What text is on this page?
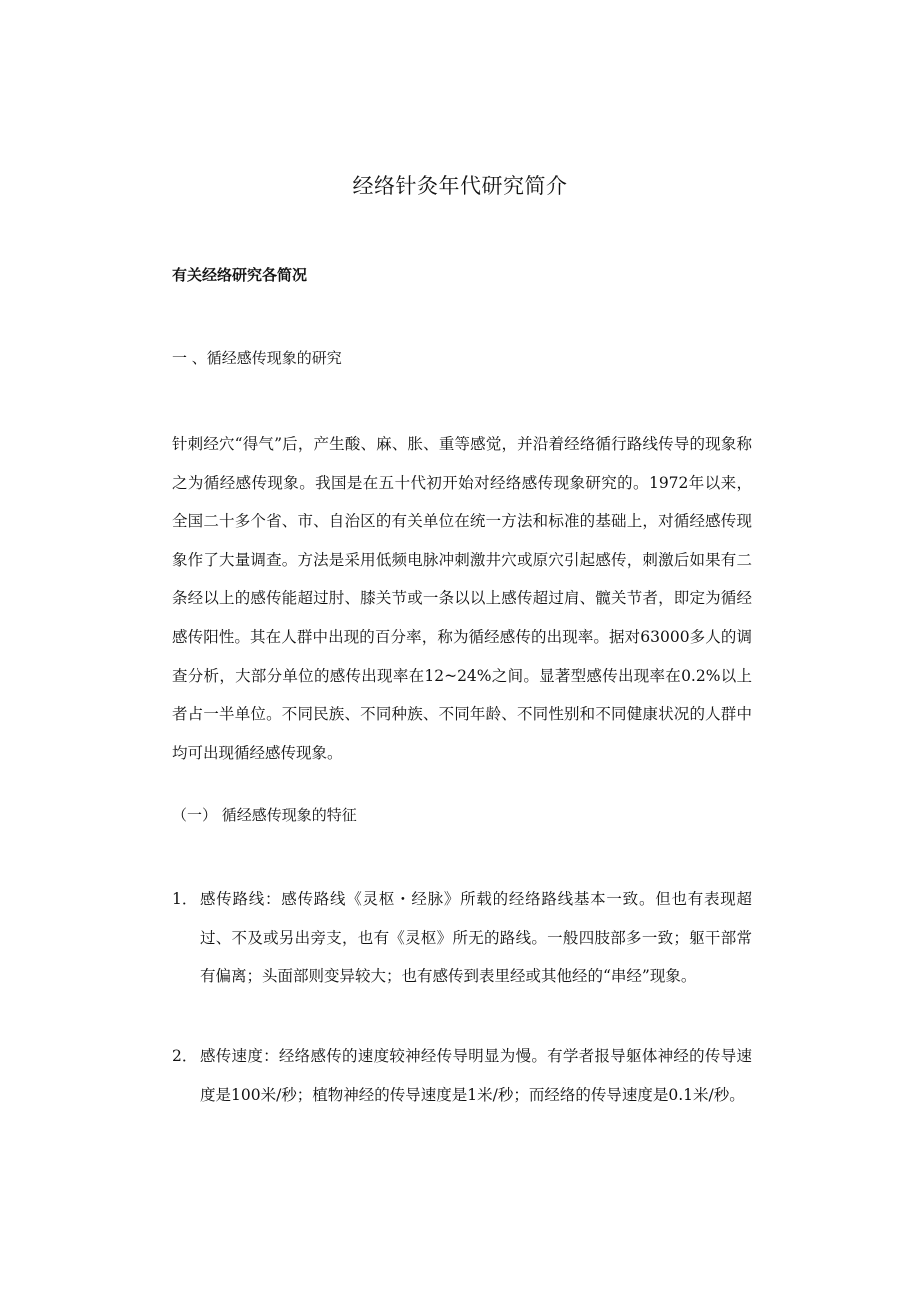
经络针灸年代研究简介
有关经络研究各简况
一 、循经感传现象的研究
针刺经穴“得气”后，产生酸、麻、胀、重等感觉，并沿着经络循行路线传导的现象称之为循经感传现象。我国是在五十代初开始对经络感传现象研究的。1972年以来，全国二十多个省、市、自治区的有关单位在统一方法和标准的基础上，对循经感传现象作了大量调查。方法是采用低频电脉冲刺激井穴或原穴引起感传，刺激后如果有二条经以上的感传能超过肘、膝关节或一条以以上感传超过肩、髋关节者，即定为循经感传阳性。其在人群中出现的百分率，称为循经感传的出现率。据对63000多人的调查分析，大部分单位的感传出现率在12~24%之间。显著型感传出现率在0.2%以上者占一半单位。不同民族、不同种族、不同年龄、不同性别和不同健康状况的人群中均可出现循经感传现象。
（一） 循经感传现象的特征
1． 感传路线：感传路线《灵枢・经脉》所载的经络路线基本一致。但也有表现超过、不及或另出旁支，也有《灵枢》所无的路线。一般四肢部多一致；躯干部常有偏离；头面部则变异较大；也有感传到表里经或其他经的“串经”现象。
2． 感传速度：经络感传的速度较神经传导明显为慢。有学者报导躯体神经的传导速度是100米/秒；植物神经的传导速度是1米/秒；而经络的传导速度是0.1米/秒。
